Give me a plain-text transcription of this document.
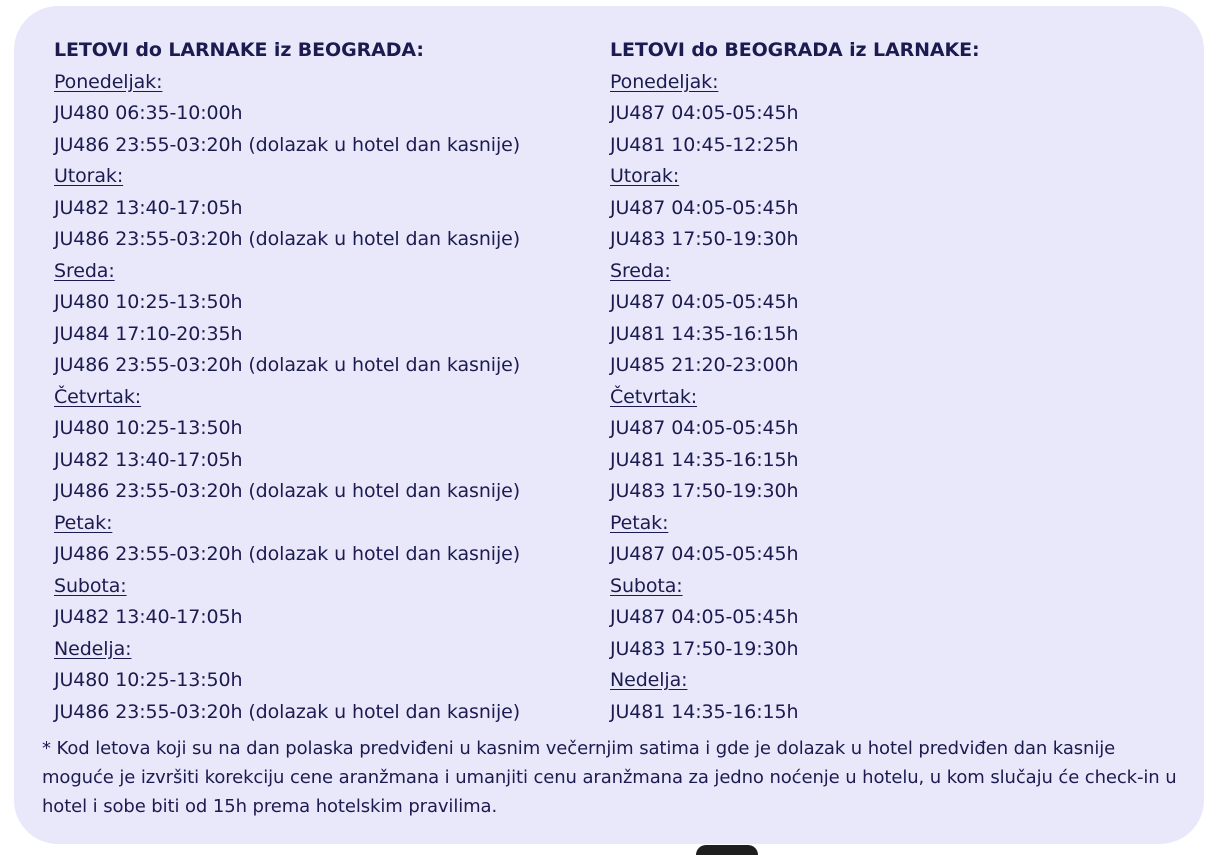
LETOVI do LARNAKE iz BEOGRADA:
Ponedeljak:
JU480 06:35-10:00h
JU486 23:55-03:20h (dolazak u hotel dan kasnije)
Utorak:
JU482 13:40-17:05h
JU486 23:55-03:20h (dolazak u hotel dan kasnije)
Sreda:
JU480 10:25-13:50h
JU484 17:10-20:35h
JU486 23:55-03:20h (dolazak u hotel dan kasnije)
Četvrtak:
JU480 10:25-13:50h
JU482 13:40-17:05h
JU486 23:55-03:20h (dolazak u hotel dan kasnije)
Petak:
JU486 23:55-03:20h (dolazak u hotel dan kasnije)
Subota:
JU482 13:40-17:05h
Nedelja:
JU480 10:25-13:50h
JU486 23:55-03:20h (dolazak u hotel dan kasnije)
LETOVI do BEOGRADA iz LARNAKE:
Ponedeljak:
JU487 04:05-05:45h
JU481 10:45-12:25h
Utorak:
JU487 04:05-05:45h
JU483 17:50-19:30h
Sreda:
JU487 04:05-05:45h
JU481 14:35-16:15h
JU485 21:20-23:00h
Četvrtak:
JU487 04:05-05:45h
JU481 14:35-16:15h
JU483 17:50-19:30h
Petak:
JU487 04:05-05:45h
Subota:
JU487 04:05-05:45h
JU483 17:50-19:30h
Nedelja:
JU481 14:35-16:15h
* Kod letova koji su na dan polaska predviđeni u kasnim večernjim satima i gde je dolazak u hotel predviđen dan kasnije moguće je izvršiti korekciju cene aranžmana i umanjiti cenu aranžmana za jedno noćenje u hotelu, u kom slučaju će check-in u hotel i sobe biti od 15h prema hotelskim pravilima.
